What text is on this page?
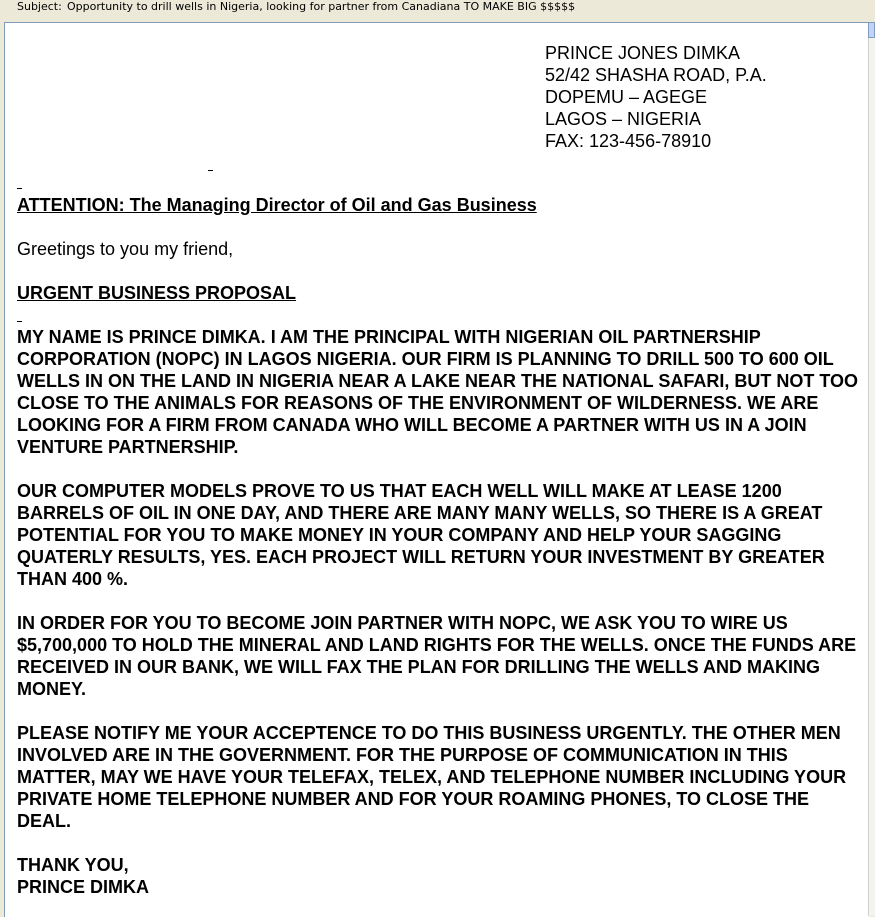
Subject: Opportunity to drill wells in Nigeria, looking for partner from Canadiana TO MAKE BIG $$$$$
PRINCE JONES DIMKA
52/42 SHASHA ROAD, P.A.
DOPEMU – AGEGE
LAGOS – NIGERIA
FAX: 123-456-78910
ATTENTION: The Managing Director of Oil and Gas Business
Greetings to you my friend,
URGENT BUSINESS PROPOSAL
MY NAME IS PRINCE DIMKA. I AM THE PRINCIPAL WITH NIGERIAN OIL PARTNERSHIP CORPORATION (NOPC) IN LAGOS NIGERIA. OUR FIRM IS PLANNING TO DRILL 500 TO 600 OIL WELLS IN ON THE LAND IN NIGERIA NEAR A LAKE NEAR THE NATIONAL SAFARI, BUT NOT TOO CLOSE TO THE ANIMALS FOR REASONS OF THE ENVIRONMENT OF WILDERNESS. WE ARE LOOKING FOR A FIRM FROM CANADA WHO WILL BECOME A PARTNER WITH US IN A JOIN VENTURE PARTNERSHIP.
OUR COMPUTER MODELS PROVE TO US THAT EACH WELL WILL MAKE AT LEASE 1200 BARRELS OF OIL IN ONE DAY, AND THERE ARE MANY MANY WELLS, SO THERE IS A GREAT POTENTIAL FOR YOU TO MAKE MONEY IN YOUR COMPANY AND HELP YOUR SAGGING QUATERLY RESULTS, YES. EACH PROJECT WILL RETURN YOUR INVESTMENT BY GREATER THAN 400 %.
IN ORDER FOR YOU TO BECOME JOIN PARTNER WITH NOPC, WE ASK YOU TO WIRE US $5,700,000 TO HOLD THE MINERAL AND LAND RIGHTS FOR THE WELLS. ONCE THE FUNDS ARE RECEIVED IN OUR BANK, WE WILL FAX THE PLAN FOR DRILLING THE WELLS AND MAKING MONEY.
PLEASE NOTIFY ME YOUR ACCEPTENCE TO DO THIS BUSINESS URGENTLY. THE OTHER MEN INVOLVED ARE IN THE GOVERNMENT. FOR THE PURPOSE OF COMMUNICATION IN THIS MATTER, MAY WE HAVE YOUR TELEFAX, TELEX, AND TELEPHONE NUMBER INCLUDING YOUR PRIVATE HOME TELEPHONE NUMBER AND FOR YOUR ROAMING PHONES, TO CLOSE THE DEAL.
THANK YOU,
PRINCE DIMKA
